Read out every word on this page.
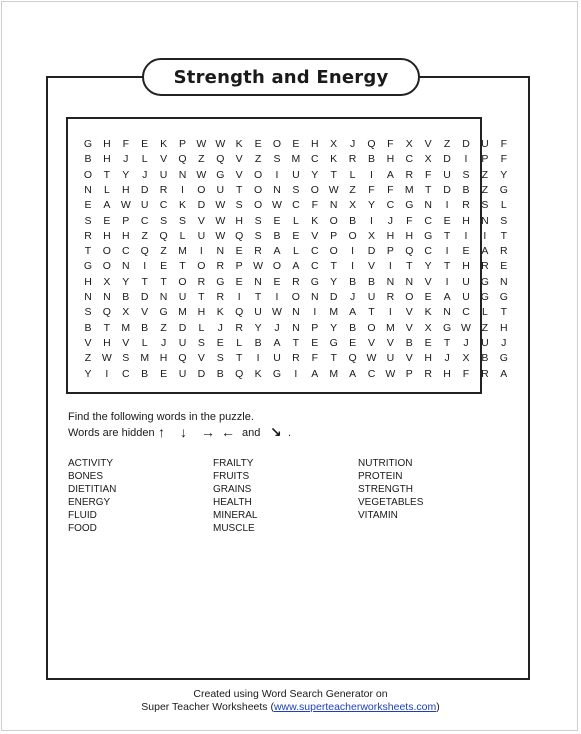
Strength and Energy
G	H	F	E	K	P W W K	E	O	E	H	X	J	Q	F	X	V	Z	D	U	F
B	H	J	L	V	Q	Z	Q	V	Z	S	M	C	K	R	B	H	C	X	D	I	P	F
O	T	Y	J	U	N W G	V	O	I	U	Y	T	L	I	A	R	F	U	S	Z	Y
N	L	H	D	R	I	O	U	T	O	N	S	O W	Z	F	F	M	T	D	B	Z	G
E	A W U	C	K	D W S	O W C	F	N	X	Y	C	G	N	I	R	S	L
S	E	P	C	S	S	V W H	S	E	L	K	O	B	I	J	F	C	E	H	N	S
R	H	H	Z	Q	L	U W Q	S	B	E	V	P	O	X	H	H	G	T	I	I	T
T	O	C	Q	Z	M	I	N	E	R	A	L	C	O	I	D	P	Q	C	I	E	A	R
G	O	N	I	E	T	O	R	P W O	A	C	T	I	V	I	T	Y	T	H	R	E
H	X	Y	T	T	O	R	G	E	N	E	R	G	Y	B	B	N	N	V	I	U	G	N
N	N	B	D	N	U	T	R	I	T	I	O	N	D	J	U	R	O	E	A	U	G	G
S	Q	X	V	G M	H	K	Q	U W N	I	M	A	T	I	V	K	N	C	L	T
B	T	M	B	Z	D	L	J	R	Y	J	N	P	Y	B	O M	V	X	G W	Z	H
V	H	V	L	J	U	S	E	L	B	A	T	E	G	E	V	V	B	E	T	J	U	J
Z	W S	M	H	Q	V	S	T	I	U	R	F	T	Q W U	V	H	J	X	B	G
Y	I	C	B	E	U	D	B	Q	K	G	I	A	M	A	C W P	R	H	F	R	A
Find the following words in the puzzle.
Words are hidden ↑ ↓ → ← and ↘ .
ACTIVITY
BONES
DIETITIAN
ENERGY
FLUID
FOOD
FRAILTY
FRUITS
GRAINS
HEALTH
MINERAL
MUSCLE
NUTRITION
PROTEIN
STRENGTH
VEGETABLES
VITAMIN
Created using Word Search Generator on
Super Teacher Worksheets (www.superteacherworksheets.com)
